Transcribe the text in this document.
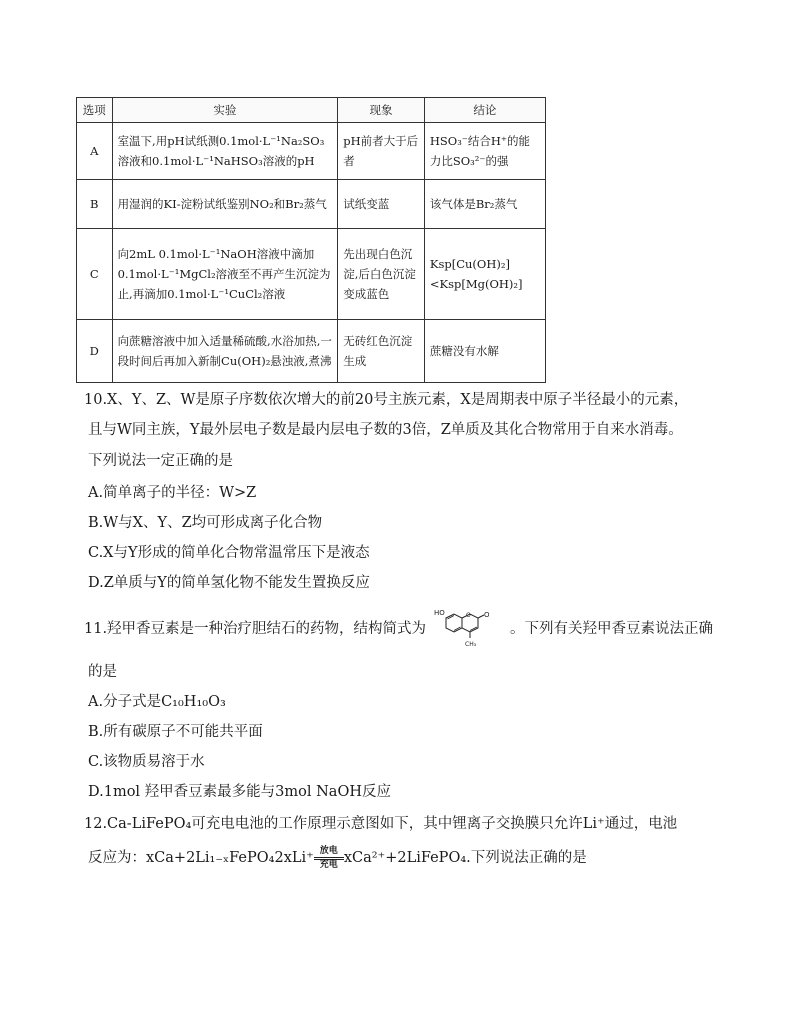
选项	实验	现象	结论
A	室温下,用pH试纸测0.1mol·L⁻¹Na₂SO₃溶液和0.1mol·L⁻¹NaHSO₃溶液的pH	pH前者大于后者	HSO₃⁻结合H⁺的能力比SO₃²⁻的强
B	用湿润的KI-淀粉试纸鉴别NO₂和Br₂蒸气	试纸变蓝	该气体是Br₂蒸气
C	向2mL 0.1mol·L⁻¹NaOH溶液中滴加0.1mol·L⁻¹MgCl₂溶液至不再产生沉淀为止,再滴加0.1mol·L⁻¹CuCl₂溶液	先出现白色沉淀,后白色沉淀变成蓝色	Ksp[Cu(OH)₂]<Ksp[Mg(OH)₂]
D	向蔗糖溶液中加入适量稀硫酸,水浴加热,一段时间后再加入新制Cu(OH)₂悬浊液,煮沸	无砖红色沉淀生成	蔗糖没有水解
10.X、Y、Z、W是原子序数依次增大的前20号主族元素，X是周期表中原子半径最小的元素，
且与W同主族，Y最外层电子数是最内层电子数的3倍，Z单质及其化合物常用于自来水消毒。
下列说法一定正确的是
A.简单离子的半径：W>Z
B.W与X、Y、Z均可形成离子化合物
C.X与Y形成的简单化合物常温常压下是液态
D.Z单质与Y的简单氢化物不能发生置换反应
11.羟甲香豆素是一种治疗胆结石的药物，结构简式为
HO	O O
CH₃
。下列有关羟甲香豆素说法正确
的是
A.分子式是C₁₀H₁₀O₃
B.所有碳原子不可能共平面
C.该物质易溶于水
D.1mol 羟甲香豆素最多能与3mol NaOH反应
12.Ca-LiFePO₄可充电电池的工作原理示意图如下，其中锂离子交换膜只允许Li⁺通过，电池
反应为：xCa+2Li₁₋ₓFePO₄2xLi⁺ 放电
充电 xCa²⁺+2LiFePO₄.下列说法正确的是
